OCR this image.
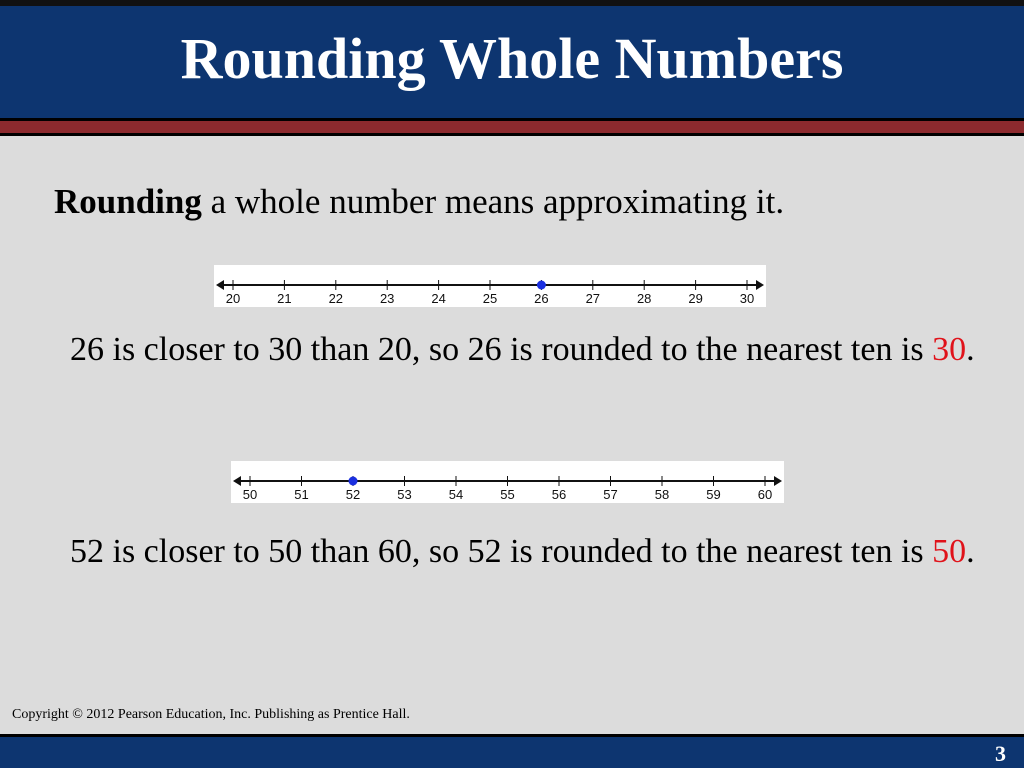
Rounding Whole Numbers
Rounding a whole number means approximating it.
20	21	22	23	24	25	26	27	28	29	30
26 is closer to 30 than 20, so 26 is rounded to the nearest ten is 30.
50	51	52	53	54	55	56	57	58	59	60
52 is closer to 50 than 60, so 52 is rounded to the nearest ten is 50.
Copyright © 2012 Pearson Education, Inc. Publishing as Prentice Hall.
3
